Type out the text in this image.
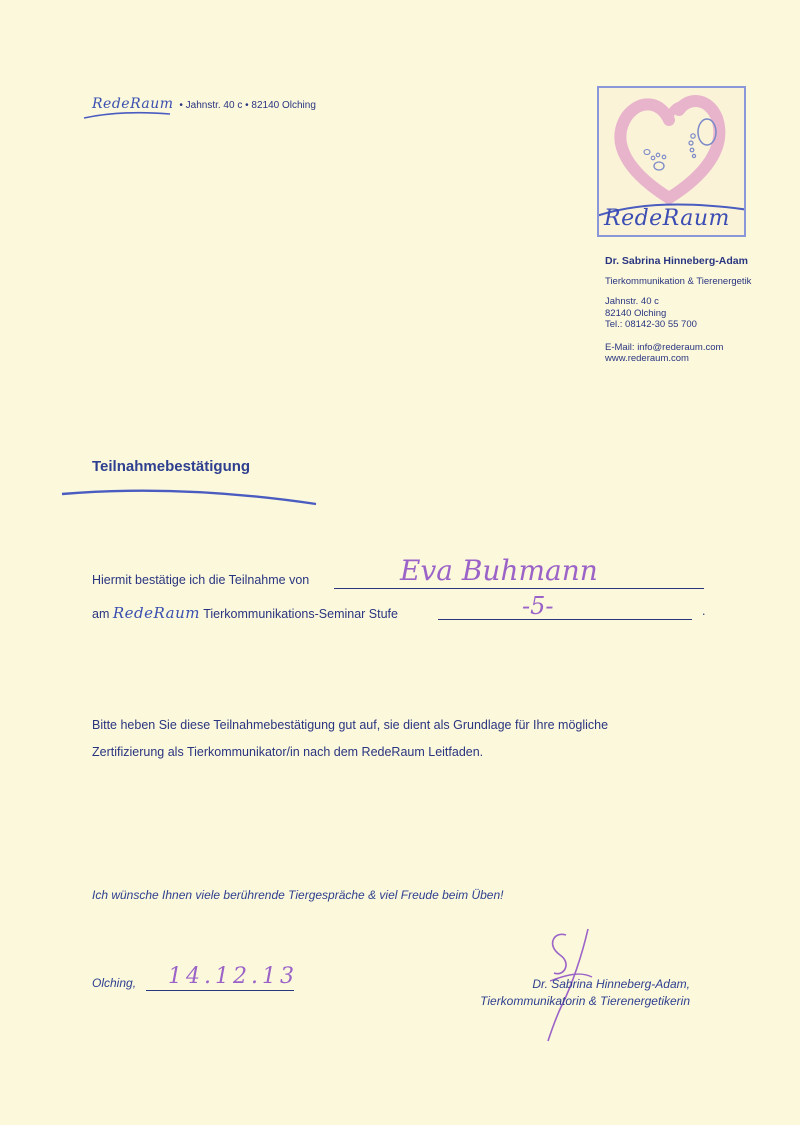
RedeRaum • Jahnstr. 40 c • 82140 Olching
RedeRaum
Dr. Sabrina Hinneberg-Adam
Tierkommunikation & Tierenergetik
Jahnstr. 40 c
82140 Olching
Tel.: 08142-30 55 700
E-Mail: info@rederaum.com
www.rederaum.com
Teilnahmebestätigung
Hiermit bestätige ich die Teilnahme von	Eva Buhmann
am RedeRaum Tierkommunikations-Seminar Stufe	-5-	.
Bitte heben Sie diese Teilnahmebestätigung gut auf, sie dient als Grundlage für Ihre mögliche
Zertifizierung als Tierkommunikator/in nach dem RedeRaum Leitfaden.
Ich wünsche Ihnen viele berührende Tiergespräche & viel Freude beim Üben!
Olching, 14.12.13	Dr. Sabrina Hinneberg-Adam,
Tierkommunikatorin & Tierenergetikerin
